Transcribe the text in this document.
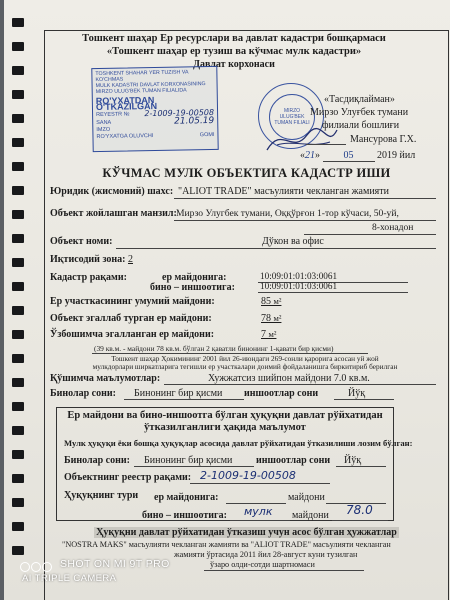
Тошкент шаҳар Ер ресурслари ва давлат кадастри бошқармаси
«Тошкент шаҳар ер тузиш ва кўчмас мулк кадастри»
Давлат корхонаси
TOSHKENT SHAHAR YER TUZISH VA KO'CHMAS
MULK KADASTRI DAVLAT KORXONASINING
MIRZO ULUG'BEK TUMAN FILIALIDA
RO'YXATDAN O'TKAZILGAN
REYESTR № 2-1009-19-00508
SANA	21.05.19
IMZO
RO'YXATGA OLUVCHI	GOMI
MIRZO ULUG'BEK TUMAN FILIALI
«Тасдиқлайман»
Мирзо Улуғбек тумани
филиали бошлиғи
Мансурова Г.Х.
«21» 05 2019 йил
КЎЧМАС МУЛК ОБЪЕКТИГА КАДАСТР ИШИ
Юридик (жисмоний) шахс: "ALIOT TRADE" масъулияти чекланган жамияти
Объект жойлашган манзил: Мирзо Улугбек тумани, Оққўрғон 1-тор кўчаси, 50-уй,
8-хонадон
Объект номи:	Дўкон ва офис
Иқтисодий зона: 2
Кадастр рақами:	ер майдонига:	10:09:01:01:03:0061
бино – иншоотига:	10:09:01:01:03:0061
Ер участкасининг умумий майдони:	85 м²
Объект эгаллаб турган ер майдони:	78 м²
Ўзбошимча эгалланган ер майдони:	7 м²
(39 кв.м. - майдони 78 кв.м. бўлган 2 қаватли бинонинг 1-қавати бир қисми)
Тошкент шаҳар Ҳокимининг 2001 йил 26-июндаги 269-сонли қарорига асосан уй жой
мулкдорлари ширкатларига тегишли ер участкалари доимий фойдаланишга биркитириб берилган
Қўшимча маълумотлар:	Хужжатсиз шийпон майдони 7.0 кв.м.
Бинолар сони: Бинонинг бир қисми иншоотлар сони	Йўқ
Ер майдони ва бино-иншоотга бўлган ҳуқуқни давлат рўйхатидан
ўтказилганлиги ҳақида маълумот
Мулк ҳуқуқи ёки бошқа ҳуқуқлар асосида давлат рўйхатидан ўтказилиши лозим бўлган:
Бинолар сони: Бинонинг бир қисми иншоотлар сони Йўқ
Объектнинг реестр рақами: 2-1009-19-00508
Ҳуқуқнинг тури ер майдонига:	майдони
бино – иншоотига: мулк майдони 78.0
Ҳуқуқни давлат рўйхатидан ўтказиш учун асос бўлган ҳужжатлар
"NOSTRA MAKS" масъулияти чекланган жамияти ва "ALIOT TRADE" масъулияти чекланган
жамияти ўртасида 2011 йил 28-август куни тузилган
ўзаро олди-сотди шартномаси
SHOT ON MI 9T PRO
AI TRIPLE CAMERA
